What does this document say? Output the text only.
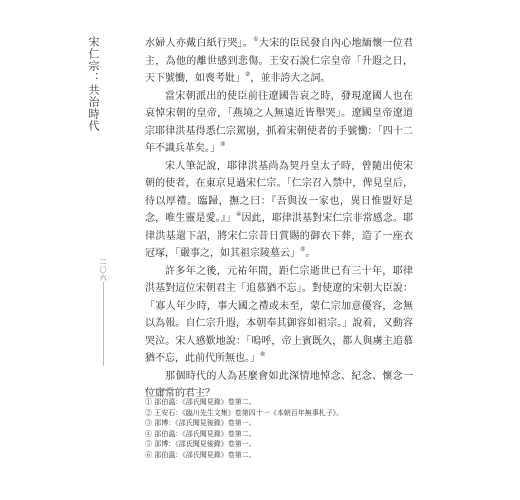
宋仁宗：共治時代
二〇六

水婦人亦戴白紙行哭」。①大宋的臣民發自內心地緬懷一位君主，為他的離世感到悲傷。王安石說仁宗皇帝「升遐之日，天下號慟，如喪考妣」②，並非誇大之詞。

當宋朝派出的使臣前往遼國告哀之時，發現遼國人也在哀悼宋朝的皇帝，「燕境之人無遠近皆舉哭」。遼國皇帝遼道宗耶律洪基得悉仁宗駕崩，抓着宋朝使者的手號慟：「四十二年不識兵革矣。」③

宋人筆記說，耶律洪基尚為契丹皇太子時，曾隨出使宋朝的使者，在東京見過宋仁宗。「仁宗召入禁中，俾見皇后，待以厚禮。臨歸，撫之曰：『吾與汝一家也，異日惟盟好是念，唯生靈是愛。』」④因此，耶律洪基對宋仁宗非常感念。耶律洪基還下詔，將宋仁宗昔日賞賜的御衣下葬，造了一座衣冠塚，「嚴事之，如其祖宗陵墓云」⑤。

許多年之後，元祐年間，距仁宗逝世已有三十年，耶律洪基對這位宋朝君主「追慕猶不忘」。對使遼的宋朝大臣說：「寡人年少時，事大國之禮或未至，蒙仁宗加意優容，念無以為報。自仁宗升遐，本朝奉其御容如祖宗。」說着，又動容哭泣。宋人感歎地說：「嗚呼，帝上賓既久，都人與虜主追慕猶不忘，此前代所無也。」⑥

那個時代的人為甚麼會如此深情地悼念、紀念、懷念一位庸常的君主？

① 邵伯溫：《邵氏聞見錄》卷第二。
② 王安石：《臨川先生文集》卷第四十一《本朝百年無事札子》。
③ 邵博：《邵氏聞見後錄》卷第一。
④ 邵伯溫：《邵氏聞見錄》卷第二。
⑤ 邵博：《邵氏聞見後錄》卷第一。
⑥ 邵伯溫：《邵氏聞見錄》卷第二。
